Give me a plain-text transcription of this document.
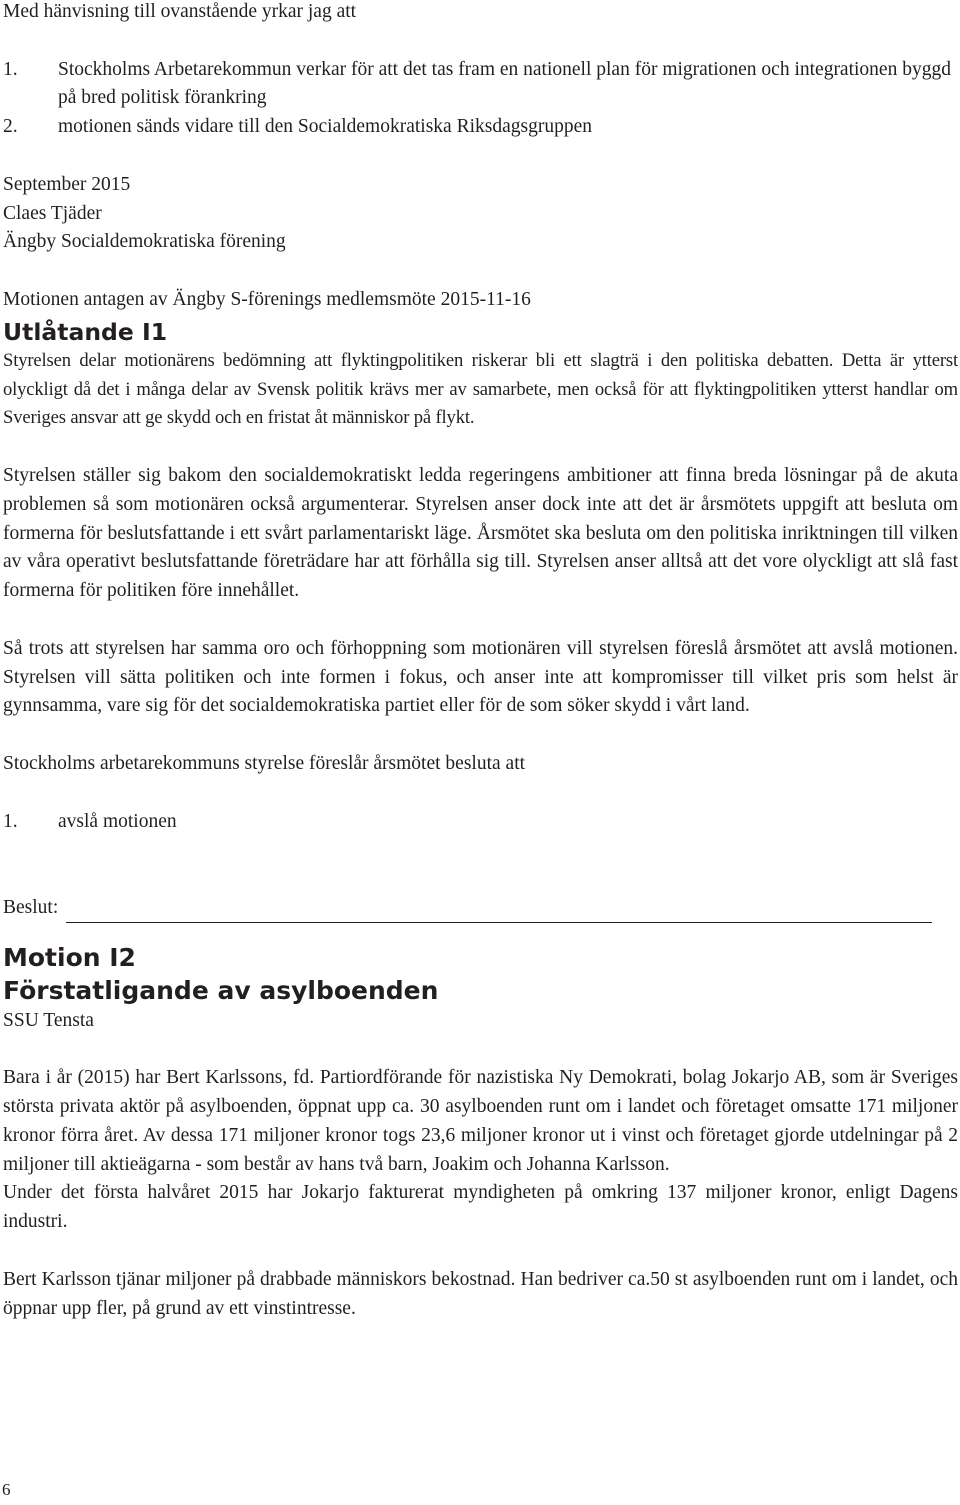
Med hänvisning till ovanstående yrkar jag att

1.	Stockholms Arbetarekommun verkar för att det tas fram en nationell plan för migrationen och integrationen byggd på bred politisk förankring
2.	motionen sänds vidare till den Socialdemokratiska Riksdagsgruppen

September 2015

Claes Tjäder

Ängby Socialdemokratiska förening

Motionen antagen av Ängby S-förenings medlemsmöte 2015-11-16

Utlåtande I1

Styrelsen delar motionärens bedömning att flyktingpolitiken riskerar bli ett slagträ i den politiska debatten. Detta är ytterst olyckligt då det i många delar av Svensk politik krävs mer av samarbete, men också för att flyktingpolitiken ytterst handlar om Sveriges ansvar att ge skydd och en fristat åt människor på flykt.

Styrelsen ställer sig bakom den socialdemokratiskt ledda regeringens ambitioner att finna breda lösningar på de akuta problemen så som motionären också argumenterar. Styrelsen anser dock inte att det är årsmötets uppgift att besluta om formerna för beslutsfattande i ett svårt parlamentariskt läge. Årsmötet ska besluta om den politiska inriktningen till vilken av våra operativt beslutsfattande företrädare har att förhålla sig till. Styrelsen anser alltså att det vore olyckligt att slå fast formerna för politiken före innehållet.

Så trots att styrelsen har samma oro och förhoppning som motionären vill styrelsen föreslå årsmötet att avslå motionen. Styrelsen vill sätta politiken och inte formen i fokus, och anser inte att kompromisser till vilket pris som helst är gynnsamma, vare sig för det socialdemokratiska partiet eller för de som söker skydd i vårt land.

Stockholms arbetarekommuns styrelse föreslår årsmötet besluta att

1.	avslå motionen
Beslut:
Motion I2
Förstatligande av asylboenden

SSU Tensta

Bara i år (2015) har Bert Karlssons, fd. Partiordförande för nazistiska Ny Demokrati, bolag Jokarjo AB, som är Sveriges största privata aktör på asylboenden, öppnat upp ca. 30 asylboenden runt om i landet och företaget omsatte 171 miljoner kronor förra året. Av dessa 171 miljoner kronor togs 23,6 miljoner kronor ut i vinst och företaget gjorde utdelningar på 2 miljoner till aktieägarna - som består av hans två barn, Joakim och Johanna Karlsson.

Under det första halvåret 2015 har Jokarjo fakturerat myndigheten på omkring 137 miljoner kronor, enligt Dagens industri.

Bert Karlsson tjänar miljoner på drabbade människors bekostnad. Han bedriver ca.50 st asylboenden runt om i landet, och öppnar upp fler, på grund av ett vinstintresse.

6
